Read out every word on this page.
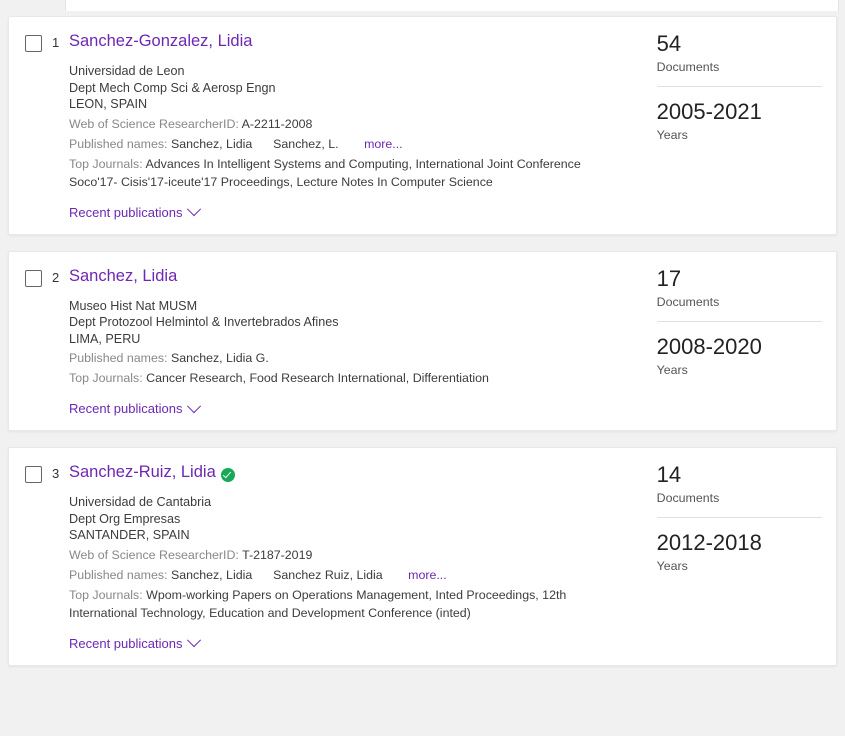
1 Sanchez-Gonzalez, Lidia
Universidad de Leon
Dept Mech Comp Sci & Aerosp Engn
LEON, SPAIN
Web of Science ResearcherID: A-2211-2008
Published names: Sanchez, Lidia Sanchez, L. more...
Top Journals: Advances In Intelligent Systems and Computing, International Joint Conference Soco'17- Cisis'17-iceute'17 Proceedings, Lecture Notes In Computer Science
Recent publications
54
Documents
2005-2021
Years
2 Sanchez, Lidia
Museo Hist Nat MUSM
Dept Protozool Helmintol & Invertebrados Afines
LIMA, PERU
Published names: Sanchez, Lidia G.
Top Journals: Cancer Research, Food Research International, Differentiation
Recent publications
17
Documents
2008-2020
Years
3 Sanchez-Ruiz, Lidia
Universidad de Cantabria
Dept Org Empresas
SANTANDER, SPAIN
Web of Science ResearcherID: T-2187-2019
Published names: Sanchez, Lidia Sanchez Ruiz, Lidia more...
Top Journals: Wpom-working Papers on Operations Management, Inted Proceedings, 12th International Technology, Education and Development Conference (inted)
Recent publications
14
Documents
2012-2018
Years
